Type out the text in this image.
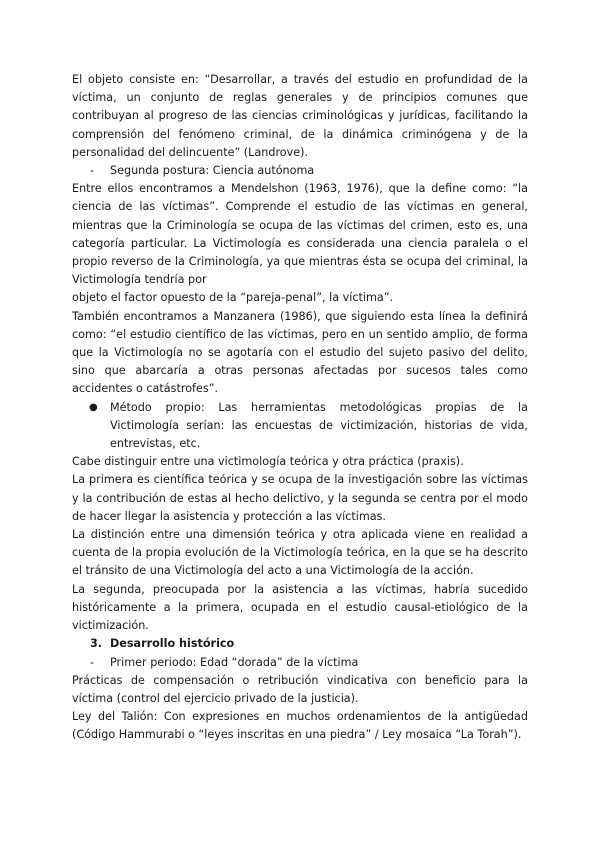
El objeto consiste en: “Desarrollar, a través del estudio en profundidad de la víctima, un conjunto de reglas generales y de principios comunes que contribuyan al progreso de las ciencias criminológicas y jurídicas, facilitando la comprensión del fenómeno criminal, de la dinámica criminógena y de la personalidad del delincuente” (Landrove).

- Segunda postura: Ciencia autónoma

Entre ellos encontramos a Mendelshon (1963, 1976), que la define como: “la ciencia de las víctimas”. Comprende el estudio de las víctimas en general, mientras que la Criminología se ocupa de las víctimas del crimen, esto es, una categoría particular. La Victimología es considerada una ciencia paralela o el propio reverso de la Criminología, ya que mientras ésta se ocupa del criminal, la Victimología tendría por

objeto el factor opuesto de la “pareja-penal”, la víctima”.

También encontramos a Manzanera (1986), que siguiendo esta línea la definirá como: “el estudio científico de las víctimas, pero en un sentido amplio, de forma que la Victimología no se agotaría con el estudio del sujeto pasivo del delito, sino que abarcaría a otras personas afectadas por sucesos tales como accidentes o catástrofes”.

● Método propio: Las herramientas metodológicas propias de la Victimología serían: las encuestas de victimización, historias de vida, entrevistas, etc.

Cabe distinguir entre una victimología teórica y otra práctica (praxis).

La primera es científica teórica y se ocupa de la investigación sobre las víctimas y la contribución de estas al hecho delictivo, y la segunda se centra por el modo de hacer llegar la asistencia y protección a las víctimas.

La distinción entre una dimensión teórica y otra aplicada viene en realidad a cuenta de la propia evolución de la Victimología teórica, en la que se ha descrito el tránsito de una Victimología del acto a una Victimología de la acción.

La segunda, preocupada por la asistencia a las víctimas, habría sucedido históricamente a la primera, ocupada en el estudio causal-etiológico de la victimización.

3. Desarrollo histórico
- Primer periodo: Edad “dorada” de la víctima

Prácticas de compensación o retribución vindicativa con beneficio para la víctima (control del ejercicio privado de la justicia).

Ley del Talión: Con expresiones en muchos ordenamientos de la antigüedad (Código Hammurabi o “leyes inscritas en una piedra” / Ley mosaica “La Torah”).
